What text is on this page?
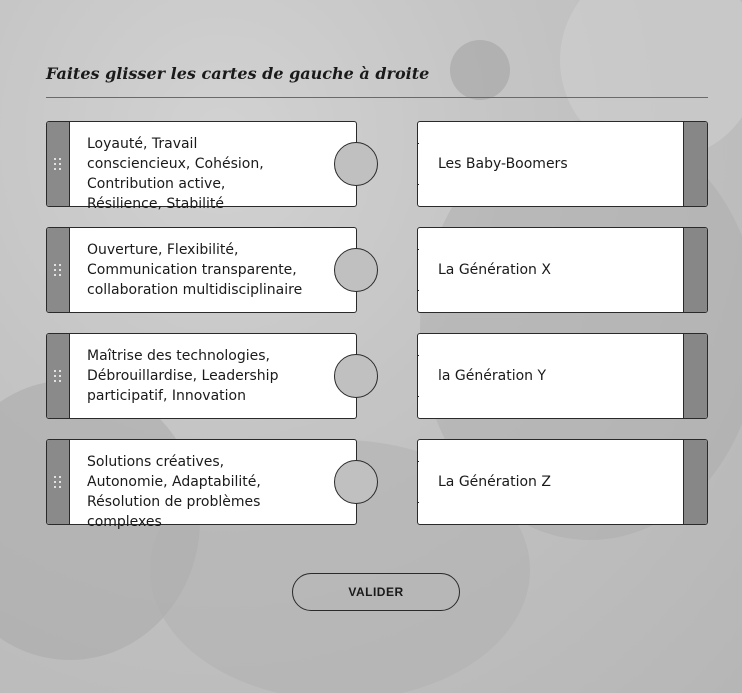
Faites glisser les cartes de gauche à droite
Loyauté, Travail consciencieux, Cohésion, Contribution active, Résilience, Stabilité
Les Baby-Boomers
Ouverture, Flexibilité, Communication transparente, collaboration multidisciplinaire
La Génération X
Maîtrise des technologies, Débrouillardise, Leadership participatif, Innovation
la Génération Y
Solutions créatives, Autonomie, Adaptabilité, Résolution de problèmes complexes
La Génération Z
VALIDER
